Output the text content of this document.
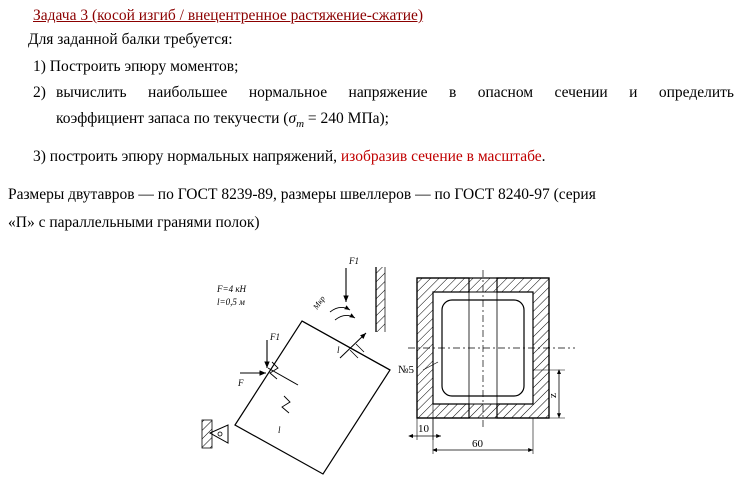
Задача 3 (косой изгиб / внецентренное растяжение-сжатие)
Для заданной балки требуется:
1) Построить эпюру моментов;
2) вычислить наибольшее нормальное напряжение в опасном сечении и определить
коэффициент запаса по текучести ($\sigma_т = 240$ МПа);
3) построить эпюру нормальных напряжений, изобразив сечение в масштабе.
Размеры двутавров — по ГОСТ 8239-89, размеры швеллеров — по ГОСТ 8240-97 (серия
«П» с параллельными гранями полок)
F1
Mкр
F1
F
F=4 кН
l=0,5 м
l
l
№5
10
60
z
